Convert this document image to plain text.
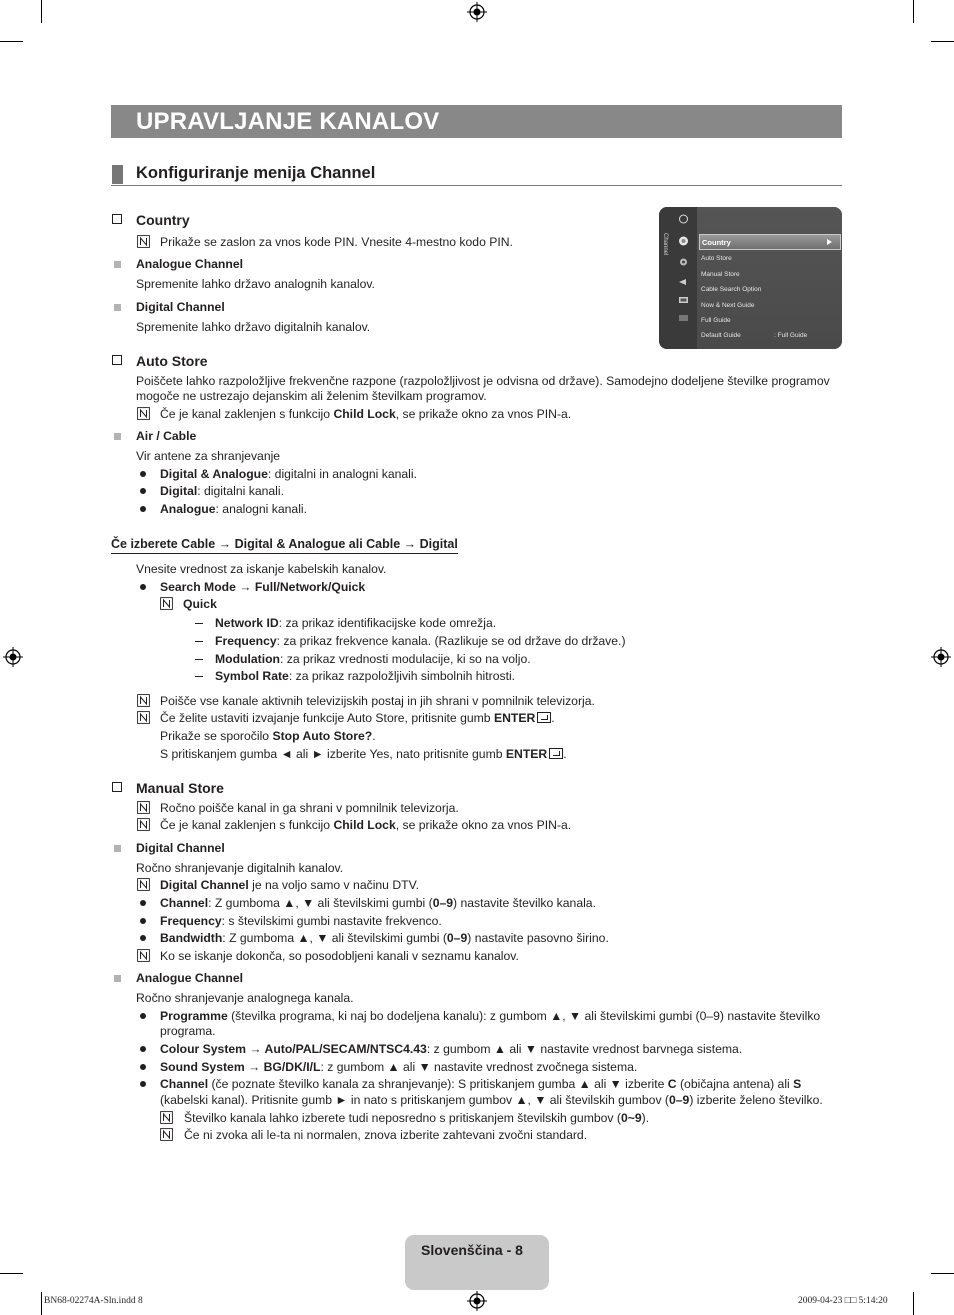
UPRAVLJANJE KANALOV
Konfiguriranje menija Channel
Channel	Country
Auto Store
Manual Store
Cable Search Option
Now & Next Guide
Full Guide
Default Guide	: Full Guide
Country
Prikaže se zaslon za vnos kode PIN. Vnesite 4-mestno kodo PIN.
Analogue Channel
Spremenite lahko državo analognih kanalov.
Digital Channel
Spremenite lahko državo digitalnih kanalov.
Auto Store
Poiščete lahko razpoložljive frekvenčne razpone (razpoložljivost je odvisna od države). Samodejno dodeljene številke programov
mogoče ne ustrezajo dejanskim ali želenim številkam programov.
Če je kanal zaklenjen s funkcijo Child Lock, se prikaže okno za vnos PIN-a.
Air / Cable
Vir antene za shranjevanje
Digital & Analogue: digitalni in analogni kanali.
Digital: digitalni kanali.
Analogue: analogni kanali.
Če izberete Cable → Digital & Analogue ali Cable → Digital
Vnesite vrednost za iskanje kabelskih kanalov.
Search Mode → Full/Network/Quick
Quick
Network ID: za prikaz identifikacijske kode omrežja.
Frequency: za prikaz frekvence kanala. (Razlikuje se od države do države.)
Modulation: za prikaz vrednosti modulacije, ki so na voljo.
Symbol Rate: za prikaz razpoložljivih simbolnih hitrosti.
Poišče vse kanale aktivnih televizijskih postaj in jih shrani v pomnilnik televizorja.
Če želite ustaviti izvajanje funkcije Auto Store, pritisnite gumb ENTER .
Prikaže se sporočilo Stop Auto Store?.
S pritiskanjem gumba ◄ ali ► izberite Yes, nato pritisnite gumb ENTER .
Manual Store
Ročno poišče kanal in ga shrani v pomnilnik televizorja.
Če je kanal zaklenjen s funkcijo Child Lock, se prikaže okno za vnos PIN-a.
Digital Channel
Ročno shranjevanje digitalnih kanalov.
Digital Channel je na voljo samo v načinu DTV.
Channel: Z gumboma ▲, ▼ ali številskimi gumbi (0–9) nastavite številko kanala.
Frequency: s številskimi gumbi nastavite frekvenco.
Bandwidth: Z gumboma ▲, ▼ ali številskimi gumbi (0–9) nastavite pasovno širino.
Ko se iskanje dokonča, so posodobljeni kanali v seznamu kanalov.
Analogue Channel
Ročno shranjevanje analognega kanala.
Programme (številka programa, ki naj bo dodeljena kanalu): z gumbom ▲, ▼ ali številskimi gumbi (0–9) nastavite številko
programa.
Colour System → Auto/PAL/SECAM/NTSC4.43: z gumbom ▲ ali ▼ nastavite vrednost barvnega sistema.
Sound System → BG/DK/I/L: z gumbom ▲ ali ▼ nastavite vrednost zvočnega sistema.
Channel (če poznate številko kanala za shranjevanje): S pritiskanjem gumba ▲ ali ▼ izberite C (običajna antena) ali S
(kabelski kanal). Pritisnite gumb ► in nato s pritiskanjem gumbov ▲, ▼ ali številskih gumbov (0–9) izberite želeno številko.
Številko kanala lahko izberete tudi neposredno s pritiskanjem številskih gumbov (0~9).
Če ni zvoka ali le-ta ni normalen, znova izberite zahtevani zvočni standard.
Slovenščina - 8
BN68-02274A-Sln.indd 8	2009-04-23 □□ 5:14:20
